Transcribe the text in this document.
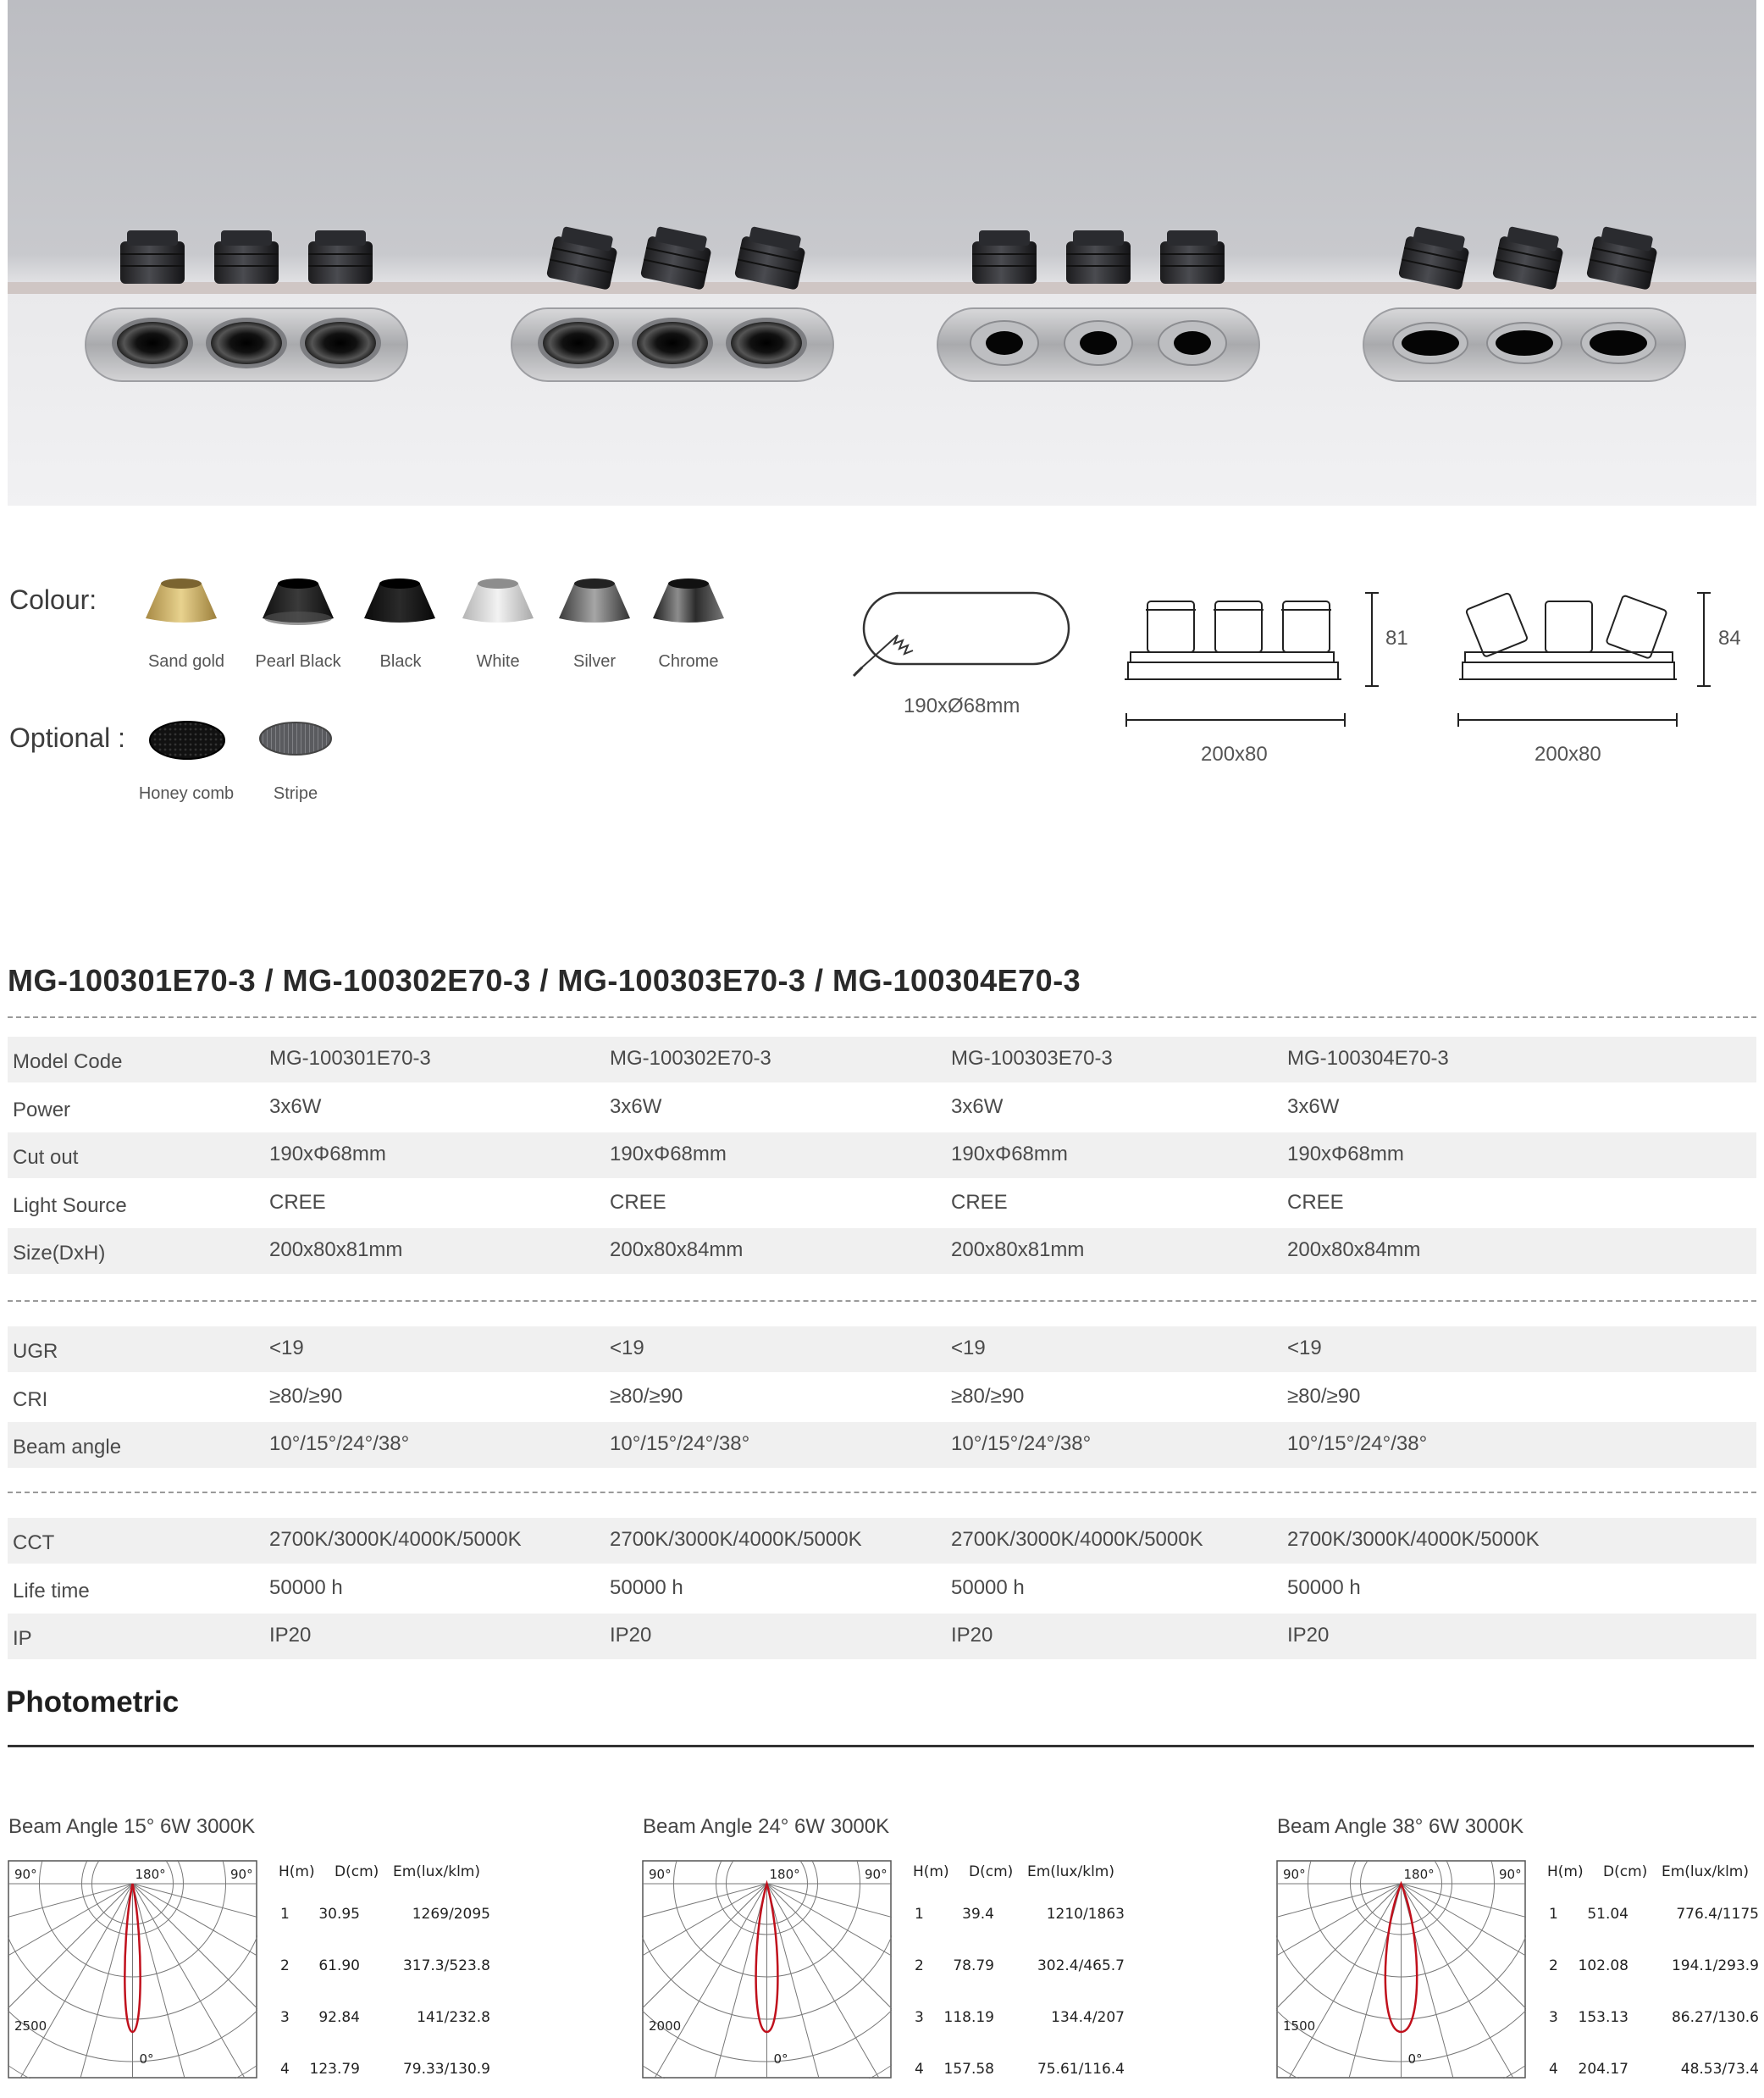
Colour:
Optional :
Sand gold	Pearl Black	Black	White	Silver	Chrome
Honey comb	Stripe
190xØ68mm
81
200x80
84
200x80
MG-100301E70-3 / MG-100302E70-3 / MG-100303E70-3 / MG-100304E70-3
Model Code	MG-100301E70-3	MG-100302E70-3	MG-100303E70-3	MG-100304E70-3
Power	3x6W	3x6W	3x6W	3x6W
Cut out	190xΦ68mm	190xΦ68mm	190xΦ68mm	190xΦ68mm
Light Source	CREE	CREE	CREE	CREE
Size(DxH)	200x80x81mm	200x80x84mm	200x80x81mm	200x80x84mm
UGR	<19	<19	<19	<19
CRI	≥80/≥90	≥80/≥90	≥80/≥90	≥80/≥90
Beam angle	10°/15°/24°/38°	10°/15°/24°/38°	10°/15°/24°/38°	10°/15°/24°/38°
CCT	2700K/3000K/4000K/5000K	2700K/3000K/4000K/5000K	2700K/3000K/4000K/5000K	2700K/3000K/4000K/5000K
Life time	50000 h	50000 h	50000 h	50000 h
IP	IP20	IP20	IP20	IP20
Photometric
Beam Angle 15° 6W 3000K
90°	180°	90°
2500
0°
H(m) D(cm) Em(lux/klm)
1	30.95	1269/2095
2	61.90	317.3/523.8
3	92.84	141/232.8
4	123.79	79.33/130.9
Beam Angle 24° 6W 3000K
90°	180°	90°
2000
0°
H(m) D(cm) Em(lux/klm)
1	39.4	1210/1863
2	78.79	302.4/465.7
3	118.19	134.4/207
4	157.58	75.61/116.4
Beam Angle 38° 6W 3000K
90°	180°	90°
1500
0°
H(m) D(cm) Em(lux/klm)
1	51.04	776.4/1175
2	102.08	194.1/293.9
3	153.13	86.27/130.6
4	204.17	48.53/73.4
